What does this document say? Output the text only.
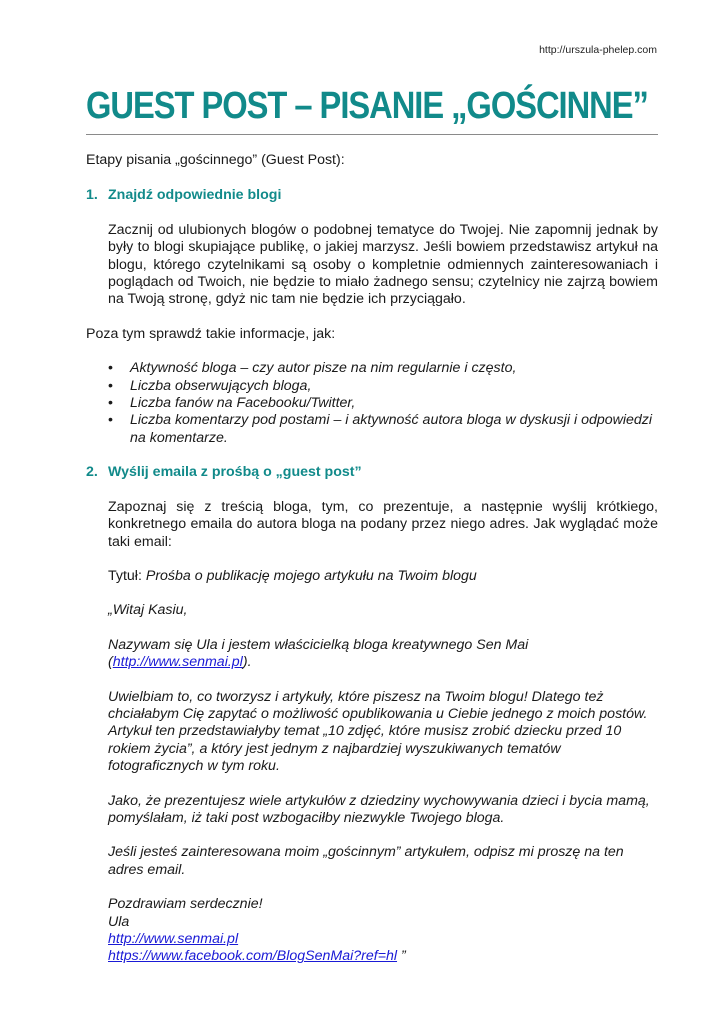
http://urszula-phelep.com
GUEST POST – PISANIE „GOŚCINNE”

Etapy pisania „gościnnego” (Guest Post):

1. Znajdź odpowiednie blogi

Zacznij od ulubionych blogów o podobnej tematyce do Twojej. Nie zapomnij jednak by były to blogi skupiające publikę, o jakiej marzysz. Jeśli bowiem przedstawisz artykuł na blogu, którego czytelnikami są osoby o kompletnie odmiennych zainteresowaniach i poglądach od Twoich, nie będzie to miało żadnego sensu; czytelnicy nie zajrzą bowiem na Twoją stronę, gdyż nic tam nie będzie ich przyciągało.

Poza tym sprawdź takie informacje, jak:

• Aktywność bloga – czy autor pisze na nim regularnie i często,
• Liczba obserwujących bloga,
• Liczba fanów na Facebooku/Twitter,
• Liczba komentarzy pod postami – i aktywność autora bloga w dyskusji i odpowiedzi na komentarze.
2. Wyślij emaila z prośbą o „guest post”

Zapoznaj się z treścią bloga, tym, co prezentuje, a następnie wyślij krótkiego, konkretnego emaila do autora bloga na podany przez niego adres. Jak wyglądać może taki email:

Tytuł: Prośba o publikację mojego artykułu na Twoim blogu

„Witaj Kasiu,

Nazywam się Ula i jestem właścicielką bloga kreatywnego Sen Mai
(http://www.senmai.pl).

Uwielbiam to, co tworzysz i artykuły, które piszesz na Twoim blogu! Dlatego też chciałabym Cię zapytać o możliwość opublikowania u Ciebie jednego z moich postów. Artykuł ten przedstawiałyby temat „10 zdjęć, które musisz zrobić dziecku przed 10 rokiem życia”, a który jest jednym z najbardziej wyszukiwanych tematów fotograficznych w tym roku.

Jako, że prezentujesz wiele artykułów z dziedziny wychowywania dzieci i bycia mamą, pomyślałam, iż taki post wzbogaciłby niezwykle Twojego bloga.

Jeśli jesteś zainteresowana moim „gościnnym” artykułem, odpisz mi proszę na ten adres email.

Pozdrawiam serdecznie!

Ula

http://www.senmai.pl

https://www.facebook.com/BlogSenMai?ref=hl ”
